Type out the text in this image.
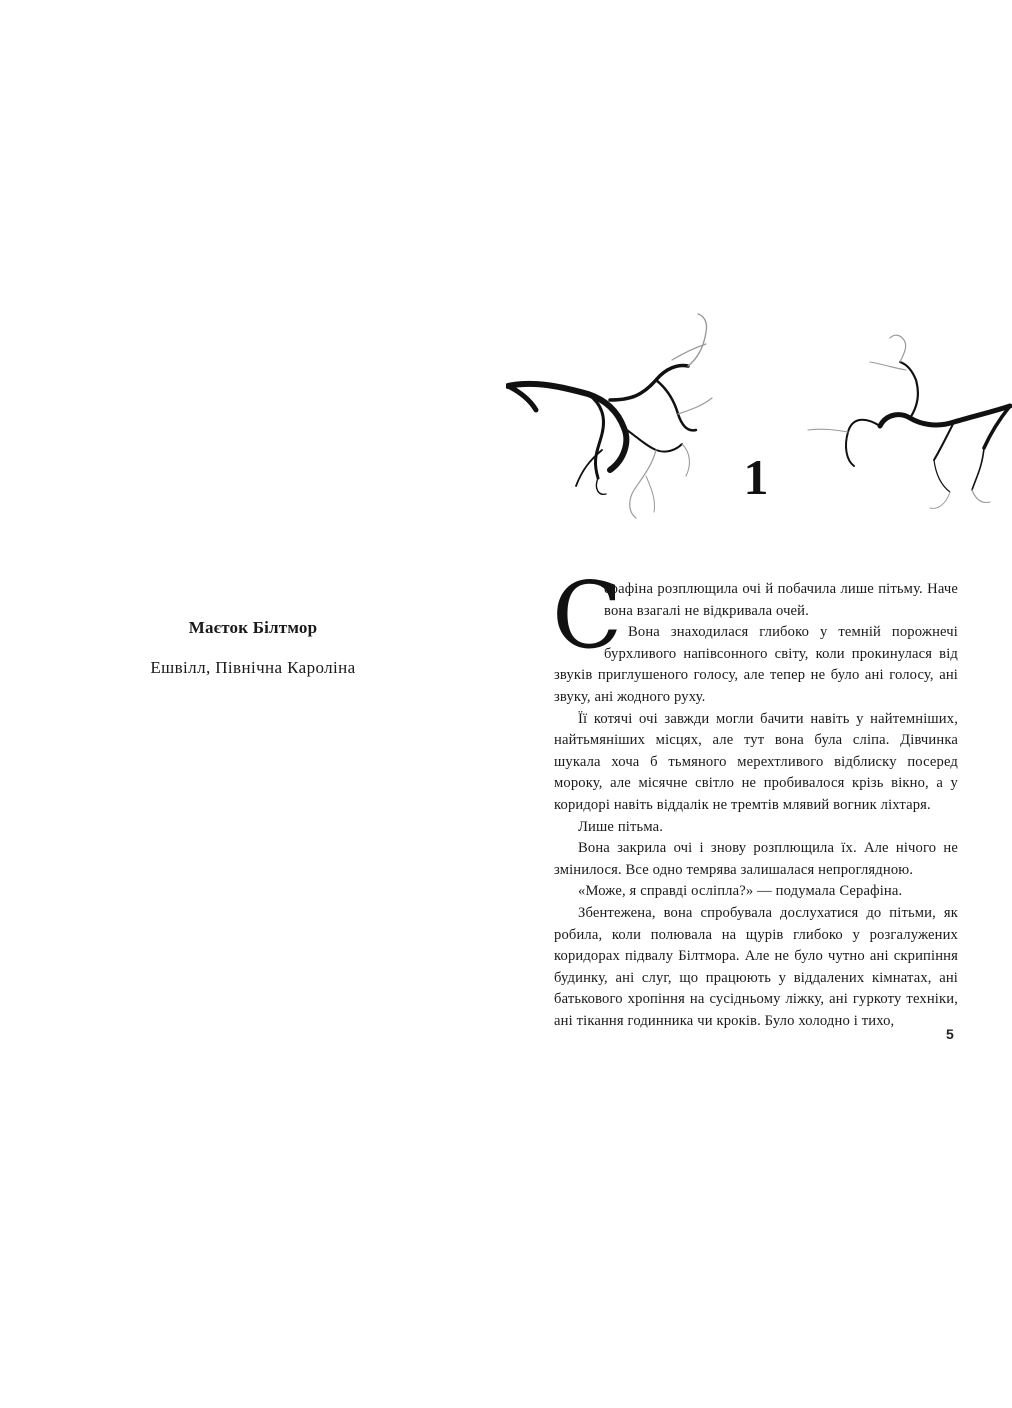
Маєток Білтмор
Ешвілл, Північна Кароліна
1

С
ерафіна розплющила очі й побачила лише пітьму. Наче вона взагалі не відкривала очей.

Вона знаходилася глибоко у темній порожнечі бурхливого напівсонного світу, коли прокинулася від звуків приглушеного голосу, але тепер не було ані голосу, ані звуку, ані жодного руху.

Її котячі очі завжди могли бачити навіть у найтемніших, найтьмяніших місцях, але тут вона була сліпа. Дівчинка шукала хоча б тьмяного мерехтливого відблиску посеред мороку, але місячне світло не пробивалося крізь вікно, а у коридорі навіть віддалік не тремтів млявий вогник ліхтаря.

Лише пітьма.

Вона закрила очі і знову розплющила їх. Але нічого не змінилося. Все одно темрява залишалася непроглядною.

«Може, я справді осліпла?» — подумала Серафіна.

Збентежена, вона спробувала дослухатися до пітьми, як робила, коли полювала на щурів глибоко у розгалужених коридорах підвалу Білтмора. Але не було чутно ані скрипіння будинку, ані слуг, що працюють у віддалених кімнатах, ані батькового хропіння на сусідньому ліжку, ані гуркоту техніки, ані тікання годинника чи кроків. Було холодно і тихо,

5
